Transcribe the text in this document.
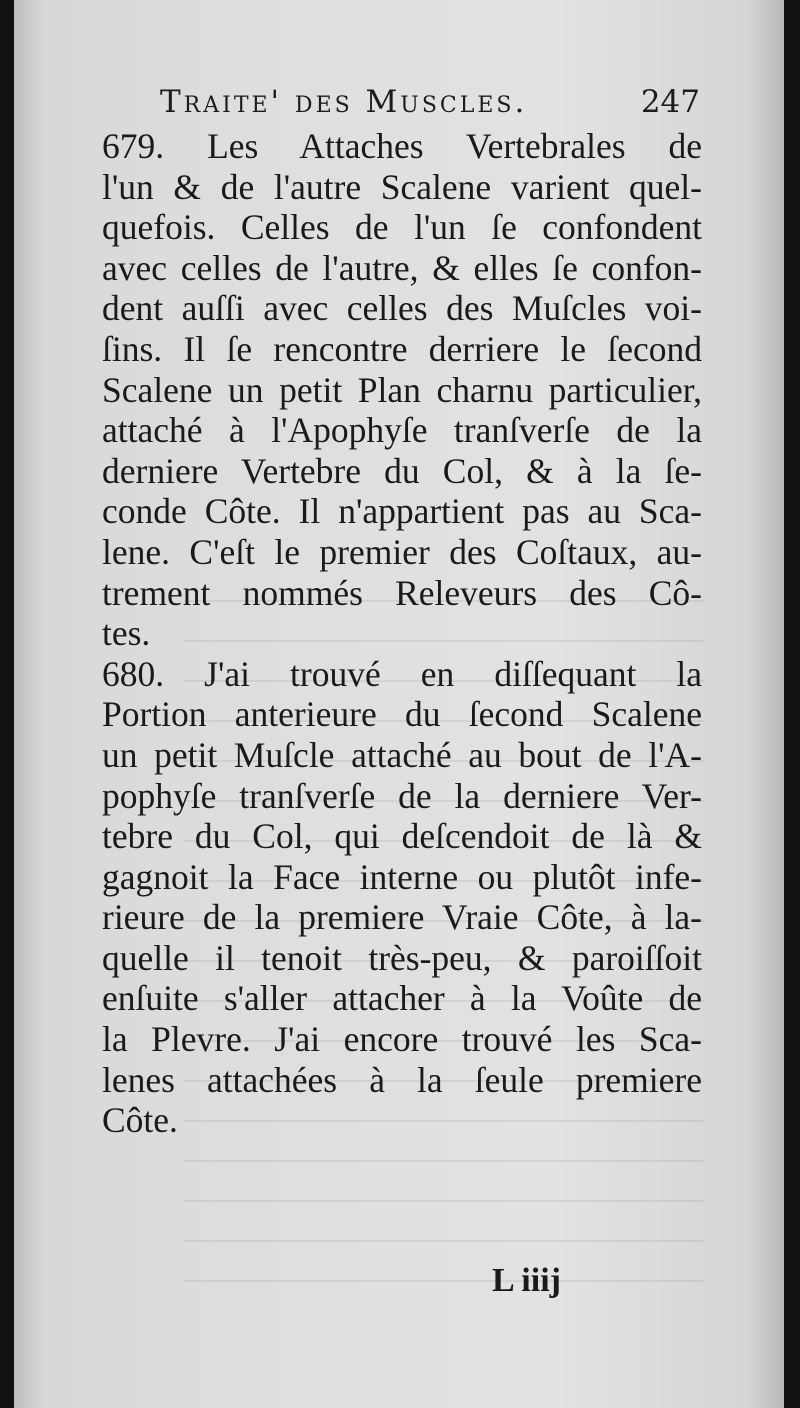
Traite' des Muscles.	247
679. Les Attaches Vertebrales de
l'un & de l'autre Scalene varient quel-
quefois. Celles de l'un ſe confondent
avec celles de l'autre, & elles ſe confon-
dent auſſi avec celles des Muſcles voi-
ſins. Il ſe rencontre derriere le ſecond
Scalene un petit Plan charnu particulier,
attaché à l'Apophyſe tranſverſe de la
derniere Vertebre du Col, & à la ſe-
conde Côte. Il n'appartient pas au Sca-
lene. C'eſt le premier des Coſtaux, au-
trement nommés Releveurs des Cô-
tes.
680. J'ai trouvé en diſſequant la
Portion anterieure du ſecond Scalene
un petit Muſcle attaché au bout de l'A-
pophyſe tranſverſe de la derniere Ver-
tebre du Col, qui deſcendoit de là &
gagnoit la Face interne ou plutôt infe-
rieure de la premiere Vraie Côte, à la-
quelle il tenoit très-peu, & paroiſſoit
enſuite s'aller attacher à la Voûte de
la Plevre. J'ai encore trouvé les Sca-
lenes attachées à la ſeule premiere
Côte.
L iiij
